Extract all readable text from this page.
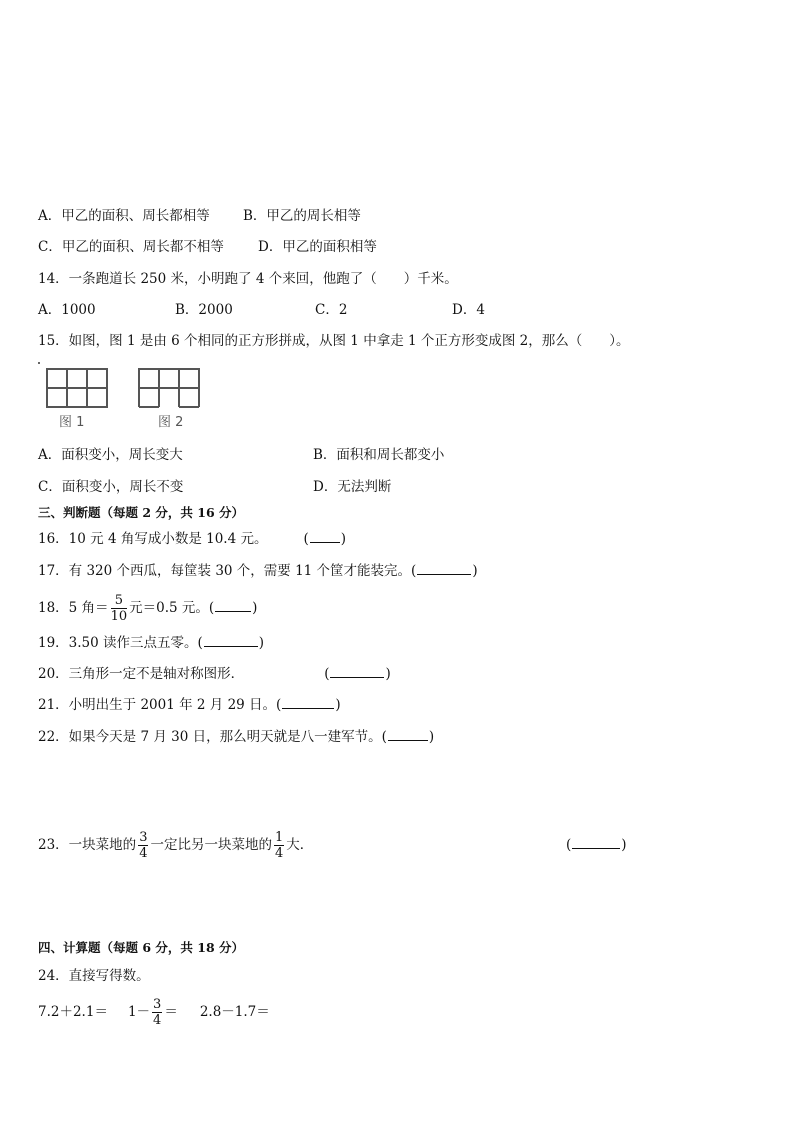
A．甲乙的面积、周长都相等 B．甲乙的周长相等
C．甲乙的面积、周长都不相等	D．甲乙的面积相等
14．一条跑道长 250 米，小明跑了 4 个来回，他跑了（　　）千米。
A．1000	B．2000	C．2	D．4
15．如图，图 1 是由 6 个相同的正方形拼成，从图 1 中拿走 1 个正方形变成图 2，那么（　　）。
图 1	图 2
A．面积变小，周长变大	B．面积和周长都变小
C．面积变小，周长不变	D．无法判断
三、判断题（每题 2 分，共 16 分）
16．10 元 4 角写成小数是 10.4 元。	( )
17．有 320 个西瓜，每筐装 30 个，需要 11 个筐才能装完。(	)
18．5 角＝ $\frac{5}{10}$ 元＝0.5 元。(	)
19．3.50 读作三点五零。(	)
20．三角形一定不是轴对称图形．	(	)
21．小明出生于 2001 年 2 月 29 日。(	)
22．如果今天是 7 月 30 日，那么明天就是八一建军节。(	)
23．一块菜地的 $\frac{3}{4}$ 一定比另一块菜地的 $\frac{1}{4}$ 大．	(	)
四、计算题（每题 6 分，共 18 分）
24．直接写得数。
$7.2+2.1= 1- \frac{3}{4} = 2.8-1.7=$
